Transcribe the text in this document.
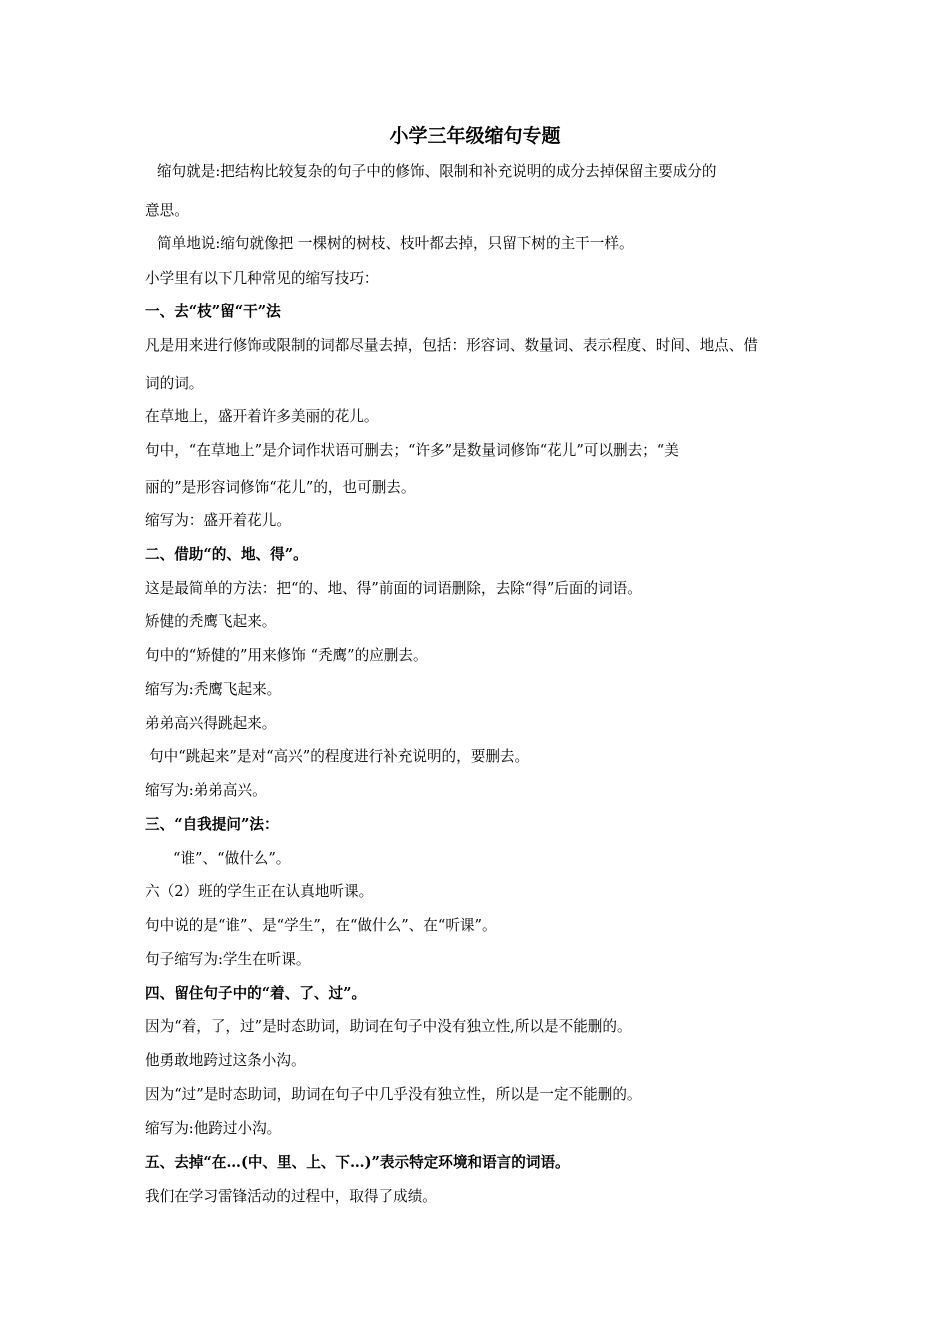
小学三年级缩句专题

缩句就是:把结构比较复杂的句子中的修饰、限制和补充说明的成分去掉保留主要成分的

意思。

简单地说:缩句就像把 一棵树的树枝、枝叶都去掉，只留下树的主干一样。

小学里有以下几种常见的缩写技巧：

一、去“枝”留“干”法

凡是用来进行修饰或限制的词都尽量去掉，包括：形容词、数量词、表示程度、时间、地点、借

词的词。

在草地上，盛开着许多美丽的花儿。

句中，“在草地上”是介词作状语可删去；“许多”是数量词修饰“花儿”可以删去；“美

丽的”是形容词修饰“花儿”的，也可删去。

缩写为：盛开着花儿。

二、借助“的、地、得”。

这是最简单的方法：把“的、地、得”前面的词语删除，去除“得”后面的词语。

矫健的秃鹰飞起来。

句中的“矫健的”用来修饰 “秃鹰”的应删去。

缩写为:秃鹰飞起来。

弟弟高兴得跳起来。

句中“跳起来”是对“高兴”的程度进行补充说明的，要删去。

缩写为:弟弟高兴。

三、“自我提问”法：

“谁”、“做什么”。

六（2）班的学生正在认真地听课。

句中说的是“谁”、是“学生”，在“做什么”、在“听课”。

句子缩写为:学生在听课。

四、留住句子中的“着、了、过”。

因为“着，了，过”是时态助词，助词在句子中没有独立性,所以是不能删的。

他勇敢地跨过这条小沟。

因为“过”是时态助词，助词在句子中几乎没有独立性，所以是一定不能删的。

缩写为:他跨过小沟。

五、去掉“在…(中、里、上、下…)”表示特定环境和语言的词语。

我们在学习雷锋活动的过程中，取得了成绩。
